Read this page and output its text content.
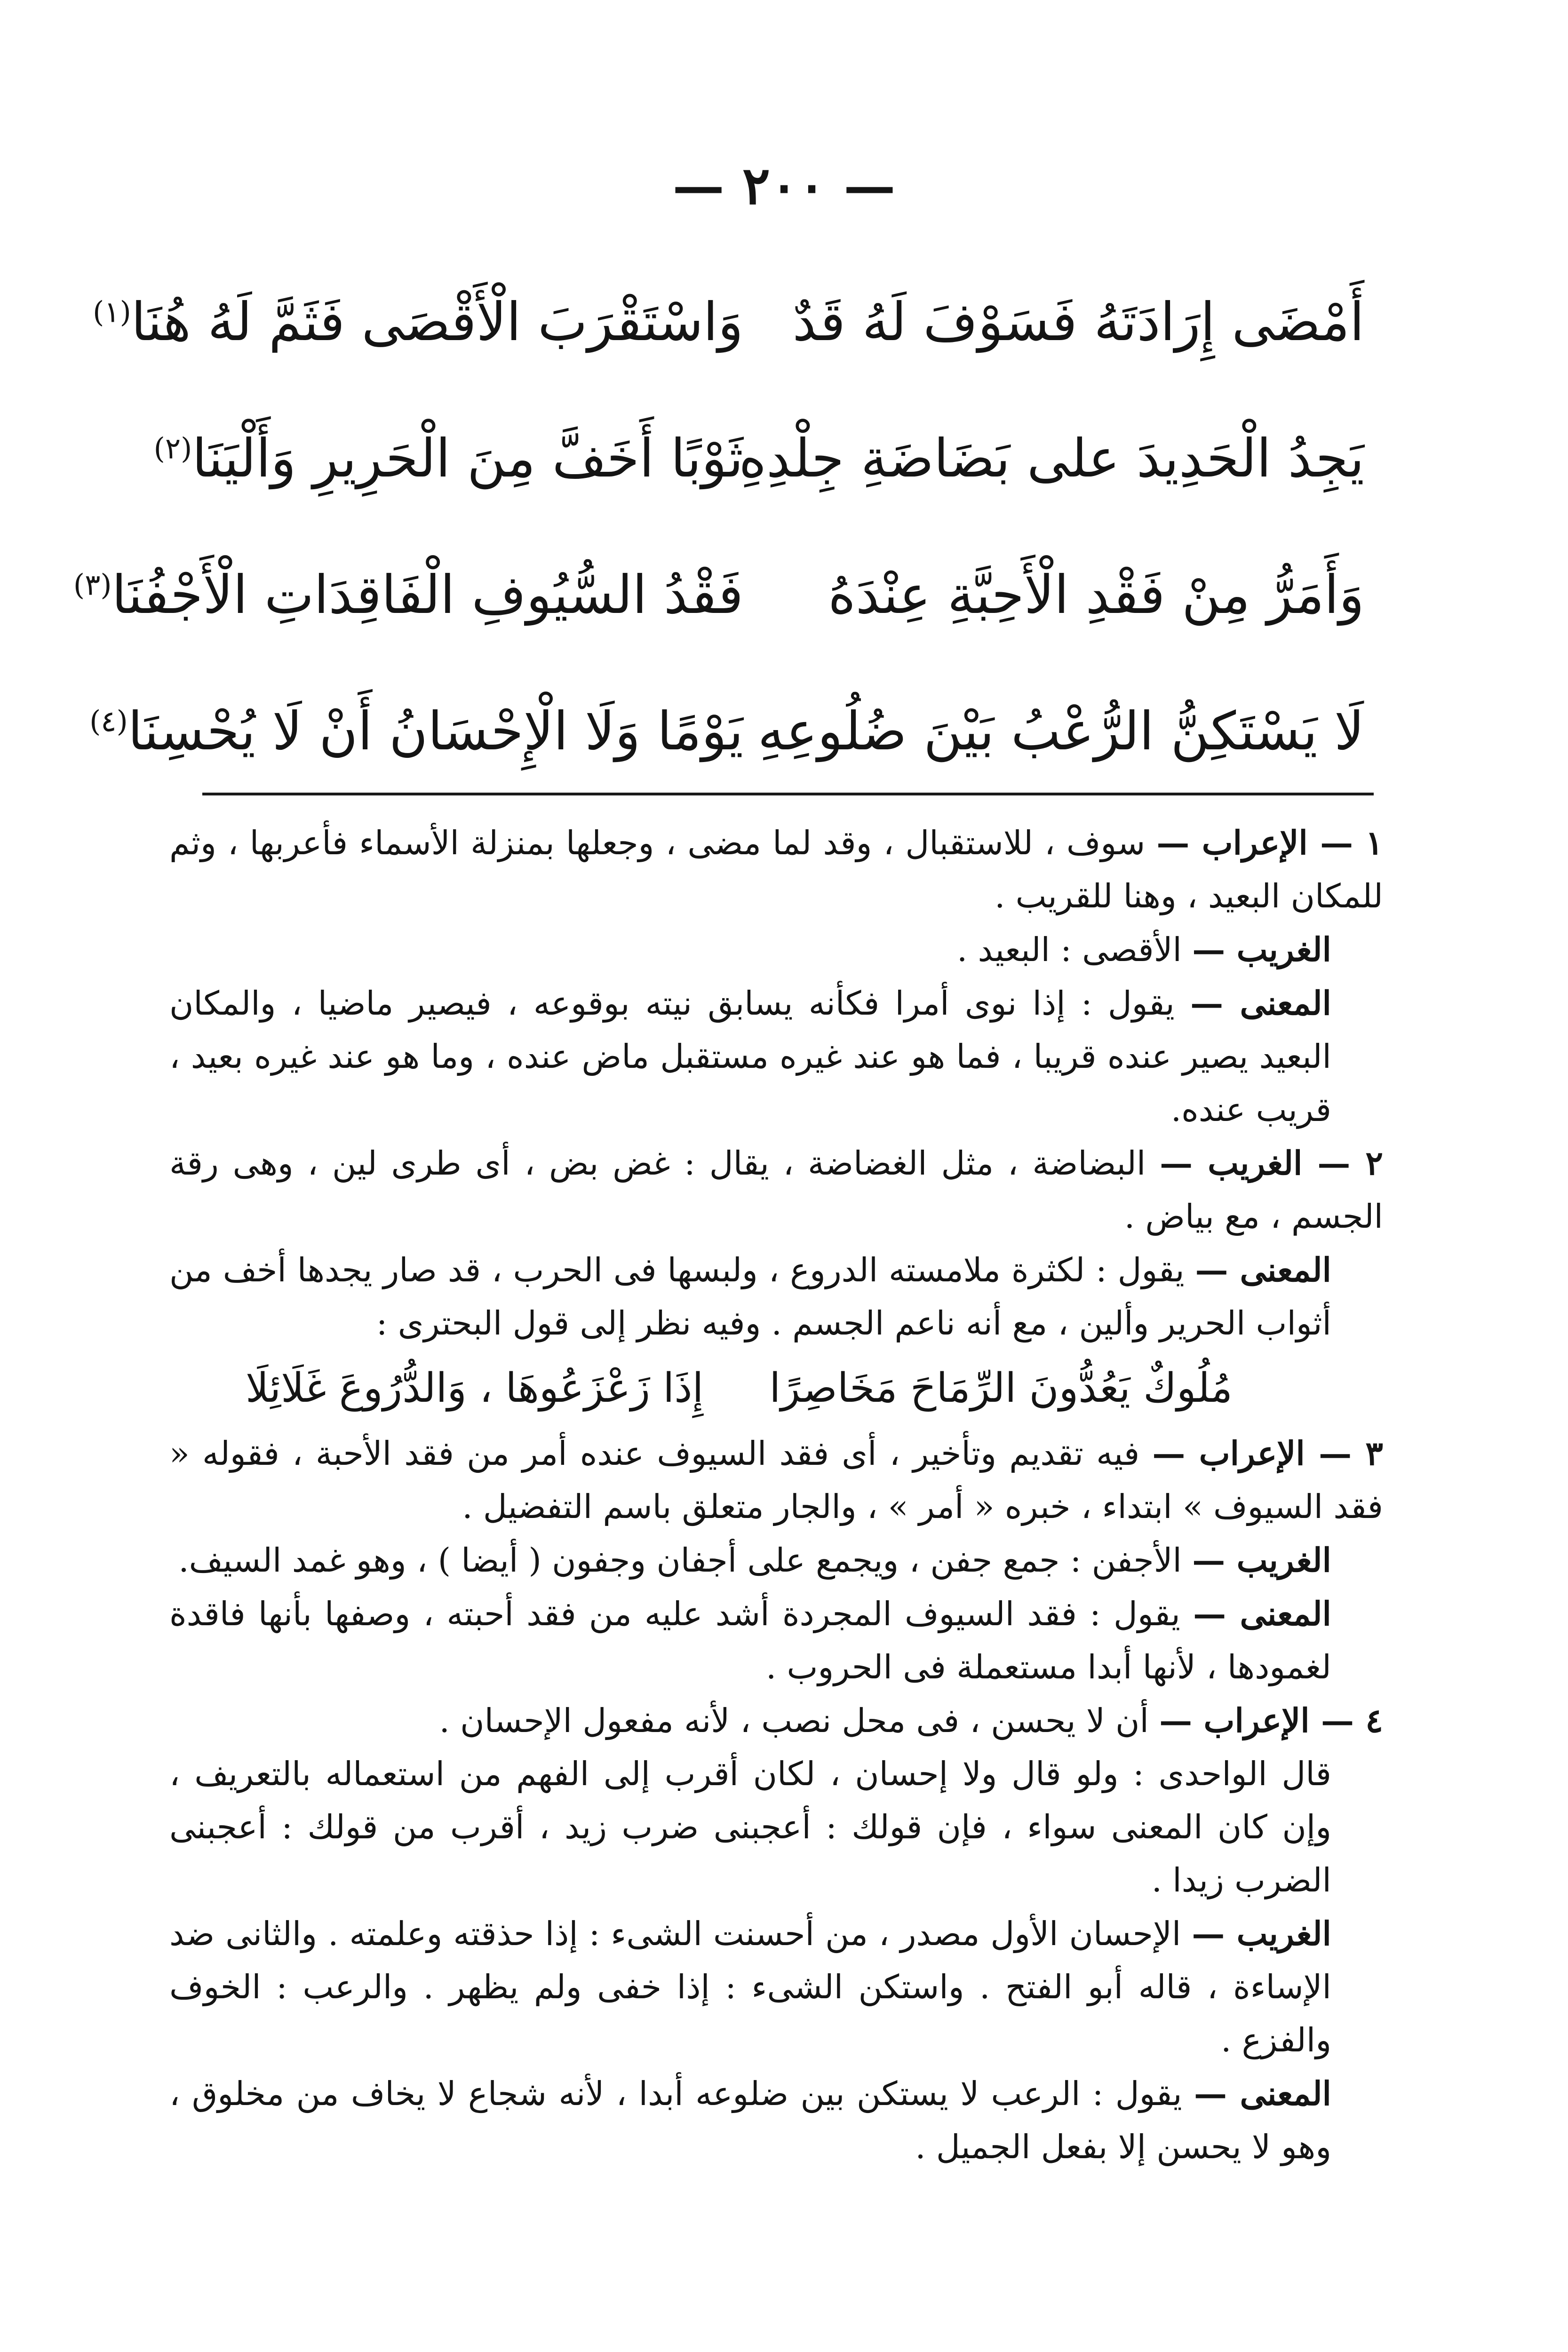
— ٢٠٠ —
أَمْضَى إِرَادَتَهُ فَسَوْفَ لَهُ قَدٌ
وَاسْتَقْرَبَ الْأَقْصَى فَثَمَّ لَهُ هُنَا$^{(١)}$
يَجِدُ الْحَدِيدَ على بَضَاضَةِ جِلْدِهِ
ثَوْبًا أَخَفَّ مِنَ الْحَرِيرِ وَأَلْيَنَا$^{(٢)}$
وَأَمَرُّ مِنْ فَقْدِ الْأَحِبَّةِ عِنْدَهُ
فَقْدُ السُّيُوفِ الْفَاقِدَاتِ الْأَجْفُنَا$^{(٣)}$
لَا يَسْتَكِنُّ الرُّعْبُ بَيْنَ ضُلُوعِهِ
يَوْمًا وَلَا الْإِحْسَانُ أَنْ لَا يُحْسِنَا$^{(٤)}$

١ — الإعراب — سوف ، للاستقبال ، وقد لما مضى ، وجعلها بمنزلة الأسماء فأعربها ، وثم للمكان البعيد ، وهنا للقريب .

الغريب — الأقصى : البعيد .

المعنى — يقول : إذا نوى أمرا فكأنه يسابق نيته بوقوعه ، فيصير ماضيا ، والمكان البعيد يصير عنده قريبا ، فما هو عند غيره مستقبل ماض عنده ، وما هو عند غيره بعيد ، قريب عنده.

٢ — الغريب — البضاضة ، مثل الغضاضة ، يقال : غض بض ، أى طرى لين ، وهى رقة الجسم ، مع بياض .

المعنى — يقول : لكثرة ملامسته الدروع ، ولبسها فى الحرب ، قد صار يجدها أخف من أثواب الحرير وألين ، مع أنه ناعم الجسم . وفيه نظر إلى قول البحترى :

مُلُوكٌ يَعُدُّونَ الرِّمَاحَ مَخَاصِرًاإِذَا زَعْزَعُوهَا ، وَالدُّرُوعَ غَلَائِلَا

٣ — الإعراب — فيه تقديم وتأخير ، أى فقد السيوف عنده أمر من فقد الأحبة ، فقوله « فقد السيوف » ابتداء ، خبره « أمر » ، والجار متعلق باسم التفضيل .

الغريب — الأجفن : جمع جفن ، ويجمع على أجفان وجفون ( أيضا ) ، وهو غمد السيف.

المعنى — يقول : فقد السيوف المجردة أشد عليه من فقد أحبته ، وصفها بأنها فاقدة لغمودها ، لأنها أبدا مستعملة فى الحروب .

٤ — الإعراب — أن لا يحسن ، فى محل نصب ، لأنه مفعول الإحسان .

قال الواحدى : ولو قال ولا إحسان ، لكان أقرب إلى الفهم من استعماله بالتعريف ، وإن كان المعنى سواء ، فإن قولك : أعجبنى ضرب زيد ، أقرب من قولك : أعجبنى الضرب زيدا .

الغريب — الإحسان الأول مصدر ، من أحسنت الشىء : إذا حذقته وعلمته . والثانى ضد الإساءة ، قاله أبو الفتح . واستكن الشىء : إذا خفى ولم يظهر . والرعب : الخوف والفزع .

المعنى — يقول : الرعب لا يستكن بين ضلوعه أبدا ، لأنه شجاع لا يخاف من مخلوق ، وهو لا يحسن إلا بفعل الجميل .
